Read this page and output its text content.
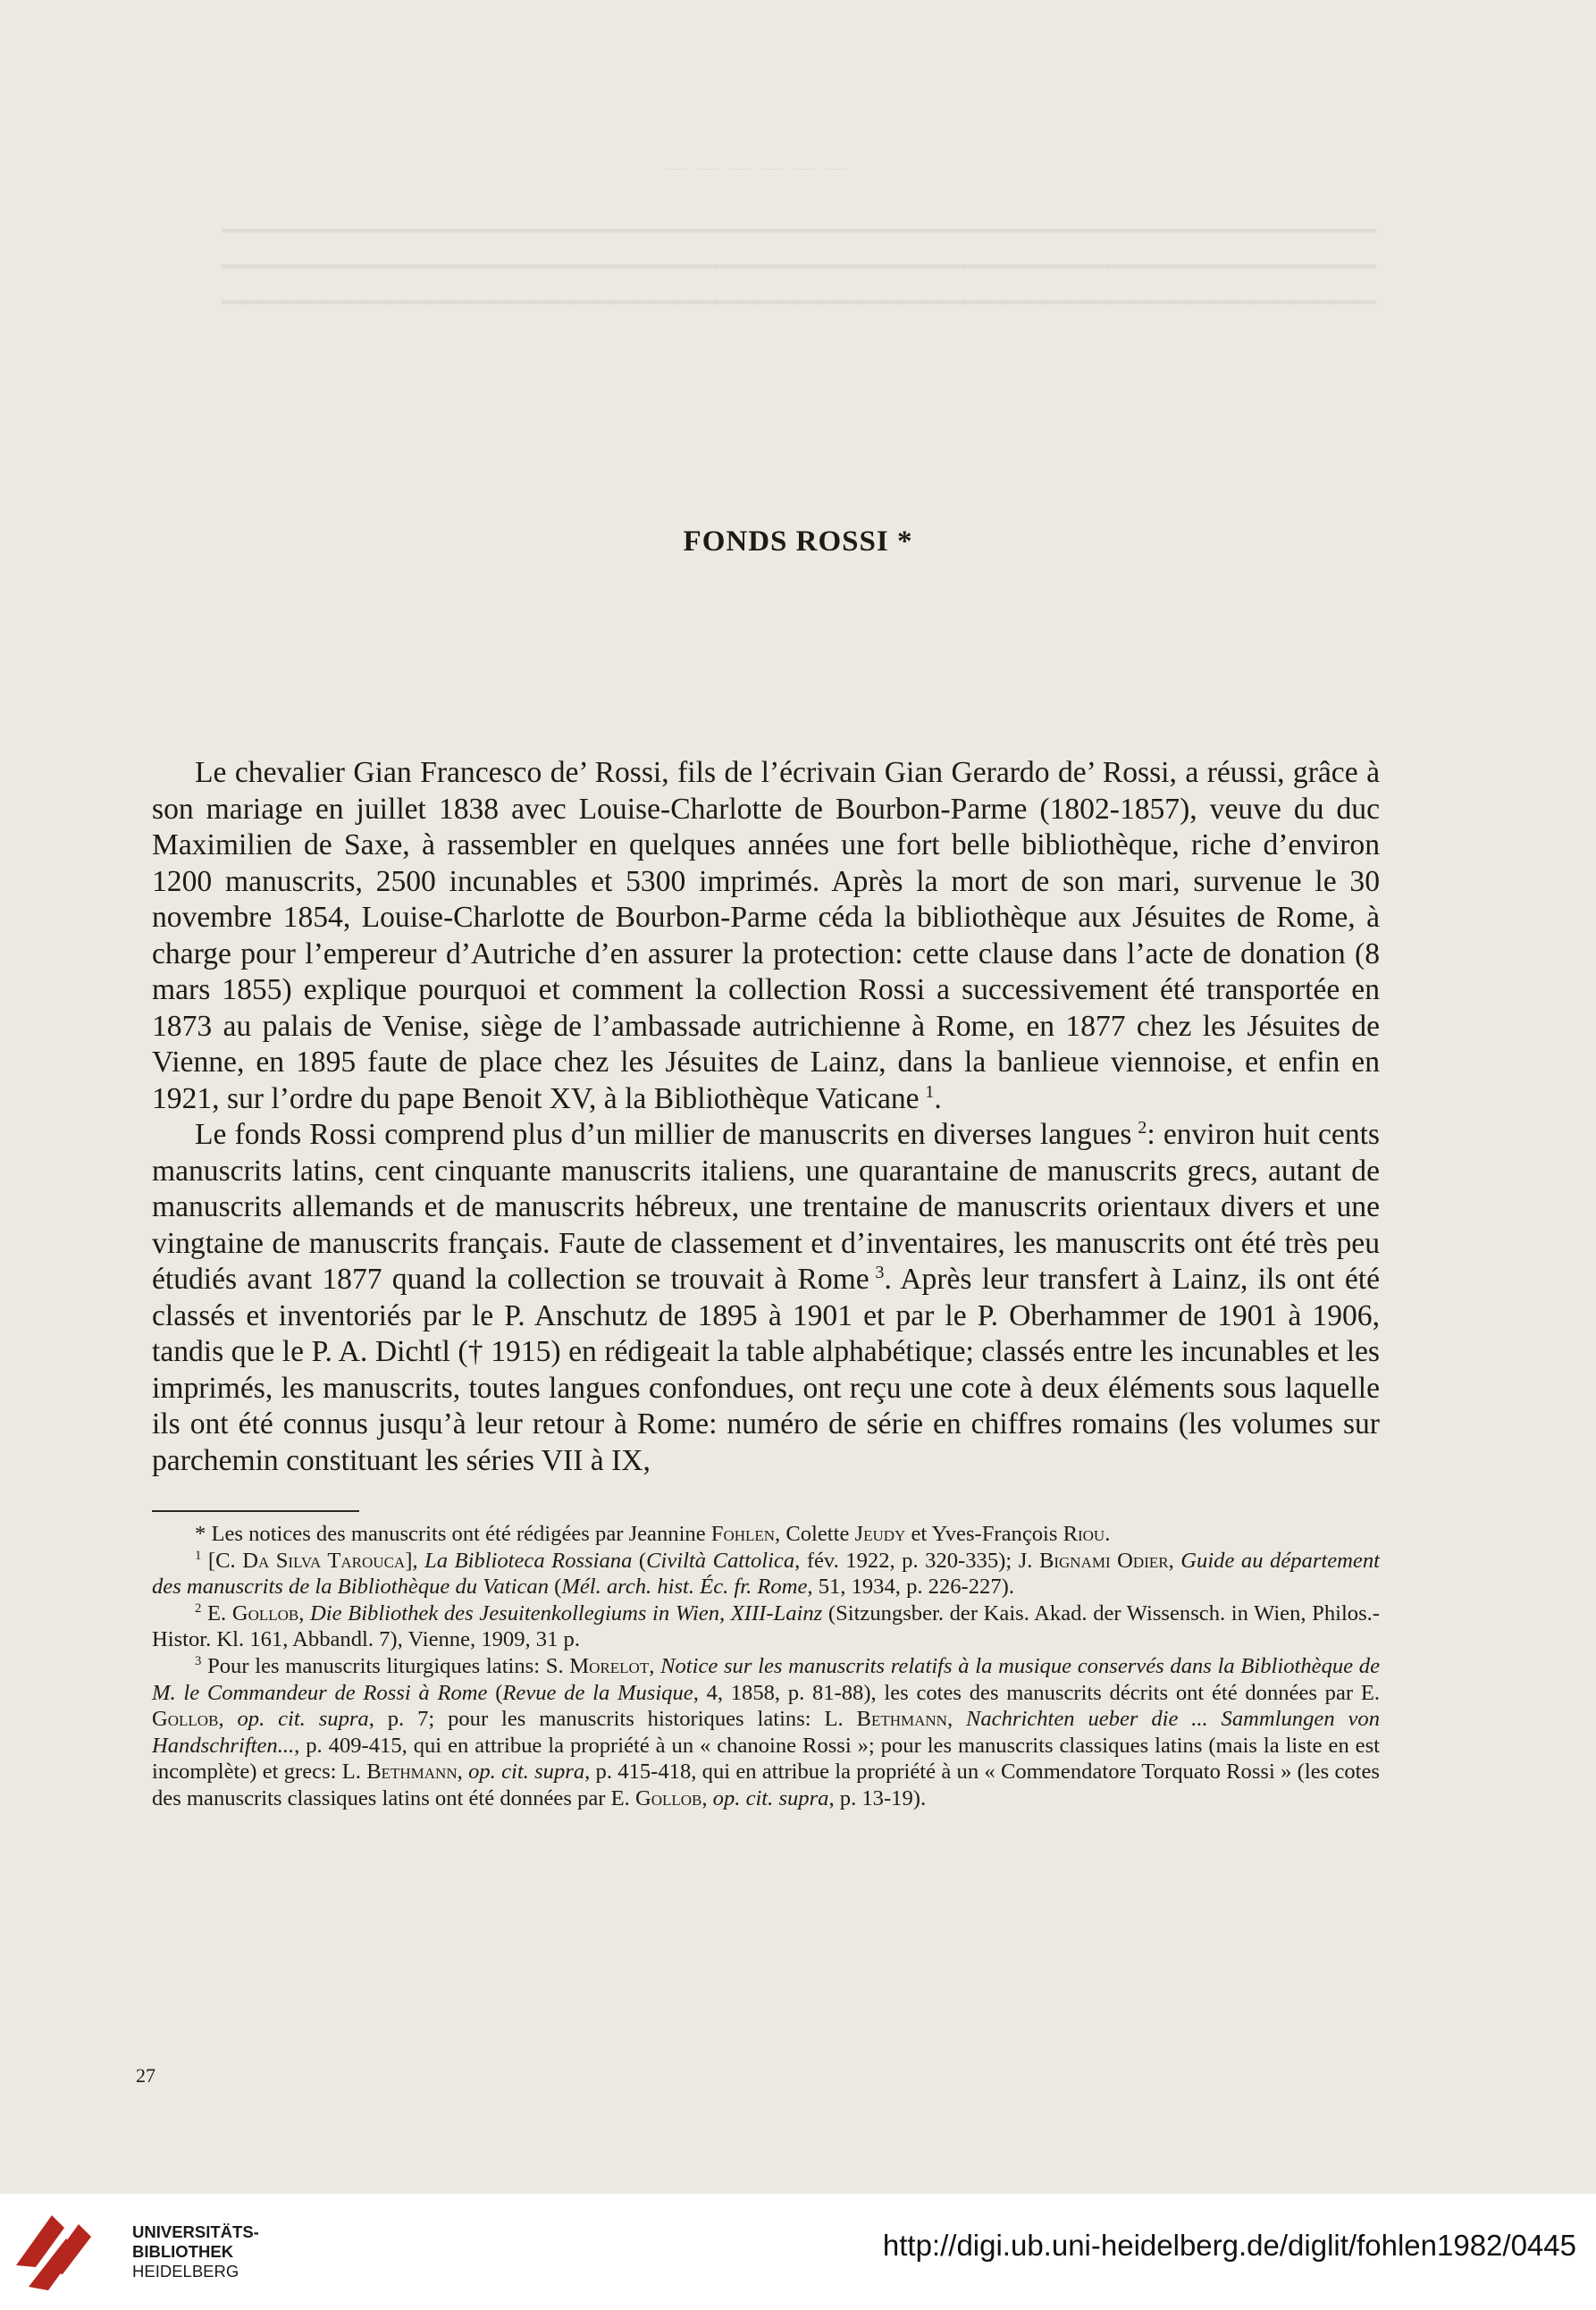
— — — — — —

​▁▁▁▁▁▁▁▁▁▁▁▁▁▁▁▁▁▁▁▁▁▁▁▁▁▁▁▁▁▁▁▁▁▁▁▁▁▁▁▁▁▁▁▁▁▁▁▁▁▁▁▁▁▁▁▁

▁▁▁▁▁▁▁▁▁▁▁▁▁▁▁▁▁▁▁▁▁▁▁▁▁▁▁▁▁▁▁▁▁▁▁▁▁▁▁▁▁▁▁▁▁▁▁▁▁▁▁▁▁▁▁▁

▁▁▁▁▁▁▁▁▁▁▁▁▁▁▁▁▁▁▁▁▁▁▁▁▁▁▁▁▁▁▁▁▁▁▁▁▁▁▁▁▁▁▁▁▁▁▁▁▁▁▁▁▁▁▁▁

FONDS ROSSI *

Le chevalier Gian Francesco de’ Rossi, fils de l’écrivain Gian Gerardo de’ Rossi, a réussi, grâce à son mariage en juillet 1838 avec Louise-Charlotte de Bourbon-Parme (1802-1857), veuve du duc Maximilien de Saxe, à rassembler en quelques années une fort belle bibliothèque, riche d’environ 1200 manuscrits, 2500 incunables et 5300 imprimés. Après la mort de son mari, survenue le 30 novembre 1854, Louise-Charlotte de Bourbon-Parme céda la bibliothèque aux Jésuites de Rome, à charge pour l’empereur d’Autriche d’en assurer la protection: cette clause dans l’acte de donation (8 mars 1855) explique pourquoi et comment la collection Rossi a successivement été transportée en 1873 au palais de Venise, siège de l’ambassade autrichienne à Rome, en 1877 chez les Jésuites de Vienne, en 1895 faute de place chez les Jésuites de Lainz, dans la banlieue viennoise, et enfin en 1921, sur l’ordre du pape Benoit XV, à la Bibliothèque Vaticane  $^1$.

Le fonds Rossi comprend plus d’un millier de manuscrits en diverses langues  $^2$: environ huit cents manuscrits latins, cent cinquante manuscrits italiens, une quarantaine de manuscrits grecs, autant de manuscrits allemands et de manuscrits hébreux, une trentaine de manuscrits orientaux divers et une vingtaine de manuscrits français. Faute de classement et d’inventaires, les manuscrits ont été très peu étudiés avant 1877 quand la collection se trouvait à Rome  $^3$. Après leur transfert à Lainz, ils ont été classés et inventoriés par le P. Anschutz de 1895 à 1901 et par le P. Oberhammer de 1901 à 1906, tandis que le P. A. Dichtl († 1915) en rédigeait la table alphabétique; classés entre les incunables et les imprimés, les manuscrits, toutes langues confondues, ont reçu une cote à deux éléments sous laquelle ils ont été connus jusqu’à leur retour à Rome: numéro de série en chiffres romains (les volumes sur parchemin constituant les séries VII à IX,

* Les notices des manuscrits ont été rédigées par Jeannine Fohlen, Colette Jeudy et Yves-François Riou.

$^1$ [C. Da Silva Tarouca], La Biblioteca Rossiana (Civiltà Cattolica, fév. 1922, p. 320-335); J. Bignami Odier, Guide au département des manuscrits de la Bibliothèque du Vatican (Mél. arch. hist. Éc. fr. Rome, 51, 1934, p. 226-227).

$^2$ E. Gollob, Die Bibliothek des Jesuitenkollegiums in Wien, XIII-Lainz (Sitzungsber. der Kais. Akad. der Wissensch. in Wien, Philos.-Histor. Kl. 161, Abbandl. 7), Vienne, 1909, 31 p.

$^3$ Pour les manuscrits liturgiques latins: S. Morelot, Notice sur les manuscrits relatifs à la musique conservés dans la Bibliothèque de M. le Commandeur de Rossi à Rome (Revue de la Musique, 4, 1858, p. 81-88), les cotes des manuscrits décrits ont été données par E. Gollob, op. cit. supra, p. 7; pour les manuscrits historiques latins: L. Bethmann, Nachrichten ueber die ... Sammlungen von Handschriften..., p. 409-415, qui en attribue la propriété à un « chanoine Rossi »; pour les manuscrits classiques latins (mais la liste en est incomplète) et grecs: L. Bethmann, op. cit. supra, p. 415-418, qui en attribue la propriété à un « Commendatore Torquato Rossi » (les cotes des manuscrits classiques latins ont été données par E. Gollob, op. cit. supra, p. 13-19).

27
UNIVERSITÄTS-
BIBLIOTHEK
HEIDELBERG
http://digi.ub.uni-heidelberg.de/diglit/fohlen1982/0445
